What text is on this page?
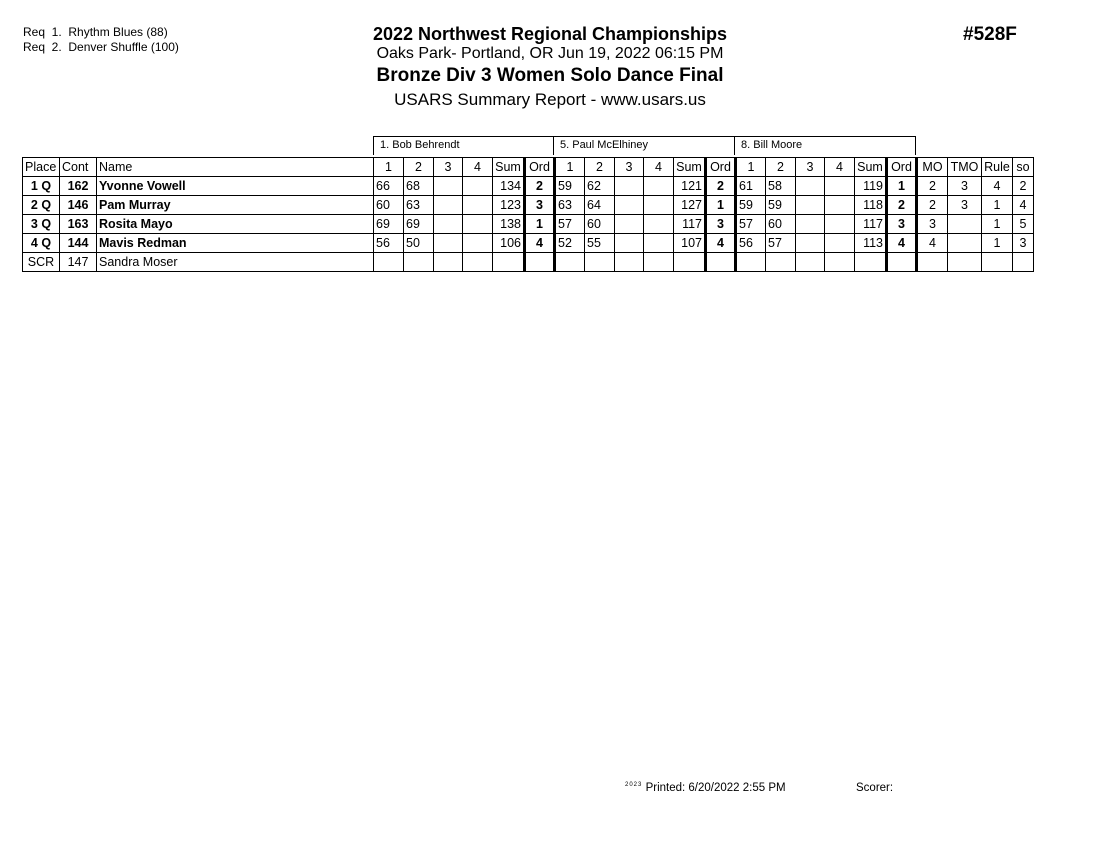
Req  1.  Rhythm Blues (88)
Req  2.  Denver Shuffle (100)
2022 Northwest Regional Championships
Oaks Park- Portland, OR Jun 19, 2022 06:15 PM
Bronze Div 3 Women Solo Dance Final
USARS Summary Report - www.usars.us
#528F
1. Bob Behrendt	5. Paul McElhiney	8. Bill Moore
Place	Cont	Name	1	2	3	4	Sum	Ord	1	2	3	4	Sum	Ord	1	2	3	4	Sum	Ord	MO	TMO	Rule	so
1 Q	162	Yvonne Vowell	66	68			134	2	59	62			121	2	61	58			119	1	2	3	4	2
2 Q	146	Pam Murray	60	63			123	3	63	64			127	1	59	59			118	2	2	3	1	4
3 Q	163	Rosita Mayo	69	69			138	1	57	60			117	3	57	60			117	3	3		1	5
4 Q	144	Mavis Redman	56	50			106	4	52	55			107	4	56	57			113	4	4		1	3
SCR	147	Sandra Moser																						
$^{2023}$ Printed: 6/20/2022 2:55 PM	Scorer:
